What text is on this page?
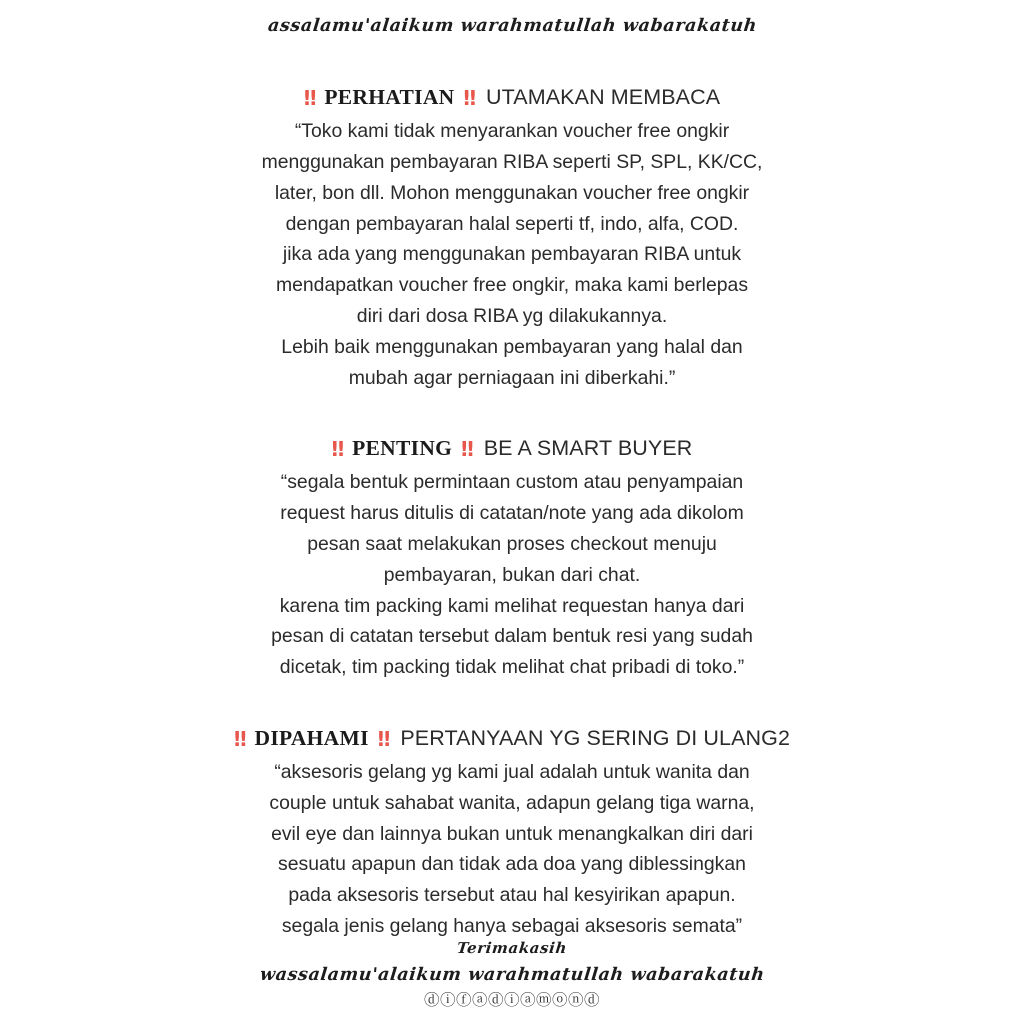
assalamu'alaikum warahmatullah wabarakatuh
‼ PERHATIAN ‼ UTAMAKAN MEMBACA
“Toko kami tidak menyarankan voucher free ongkir
menggunakan pembayaran RIBA seperti SP, SPL, KK/CC,
later, bon dll. Mohon menggunakan voucher free ongkir
dengan pembayaran halal seperti tf, indo, alfa, COD.
jika ada yang menggunakan pembayaran RIBA untuk
mendapatkan voucher free ongkir, maka kami berlepas
diri dari dosa RIBA yg dilakukannya.
Lebih baik menggunakan pembayaran yang halal dan
mubah agar perniagaan ini diberkahi.”
‼ PENTING ‼ BE A SMART BUYER
“segala bentuk permintaan custom atau penyampaian
request harus ditulis di catatan/note yang ada dikolom
pesan saat melakukan proses checkout menuju
pembayaran, bukan dari chat.
karena tim packing kami melihat requestan hanya dari
pesan di catatan tersebut dalam bentuk resi yang sudah
dicetak, tim packing tidak melihat chat pribadi di toko.”
‼ DIPAHAMI ‼ PERTANYAAN YG SERING DI ULANG2
“aksesoris gelang yg kami jual adalah untuk wanita dan
couple untuk sahabat wanita, adapun gelang tiga warna,
evil eye dan lainnya bukan untuk menangkalkan diri dari
sesuatu apapun dan tidak ada doa yang diblessingkan
pada aksesoris tersebut atau hal kesyirikan apapun.
segala jenis gelang hanya sebagai aksesoris semata”
Terimakasih
wassalamu'alaikum warahmatullah wabarakatuh
ⓓⓘⓕⓐⓓⓘⓐⓜⓞⓝⓓ
